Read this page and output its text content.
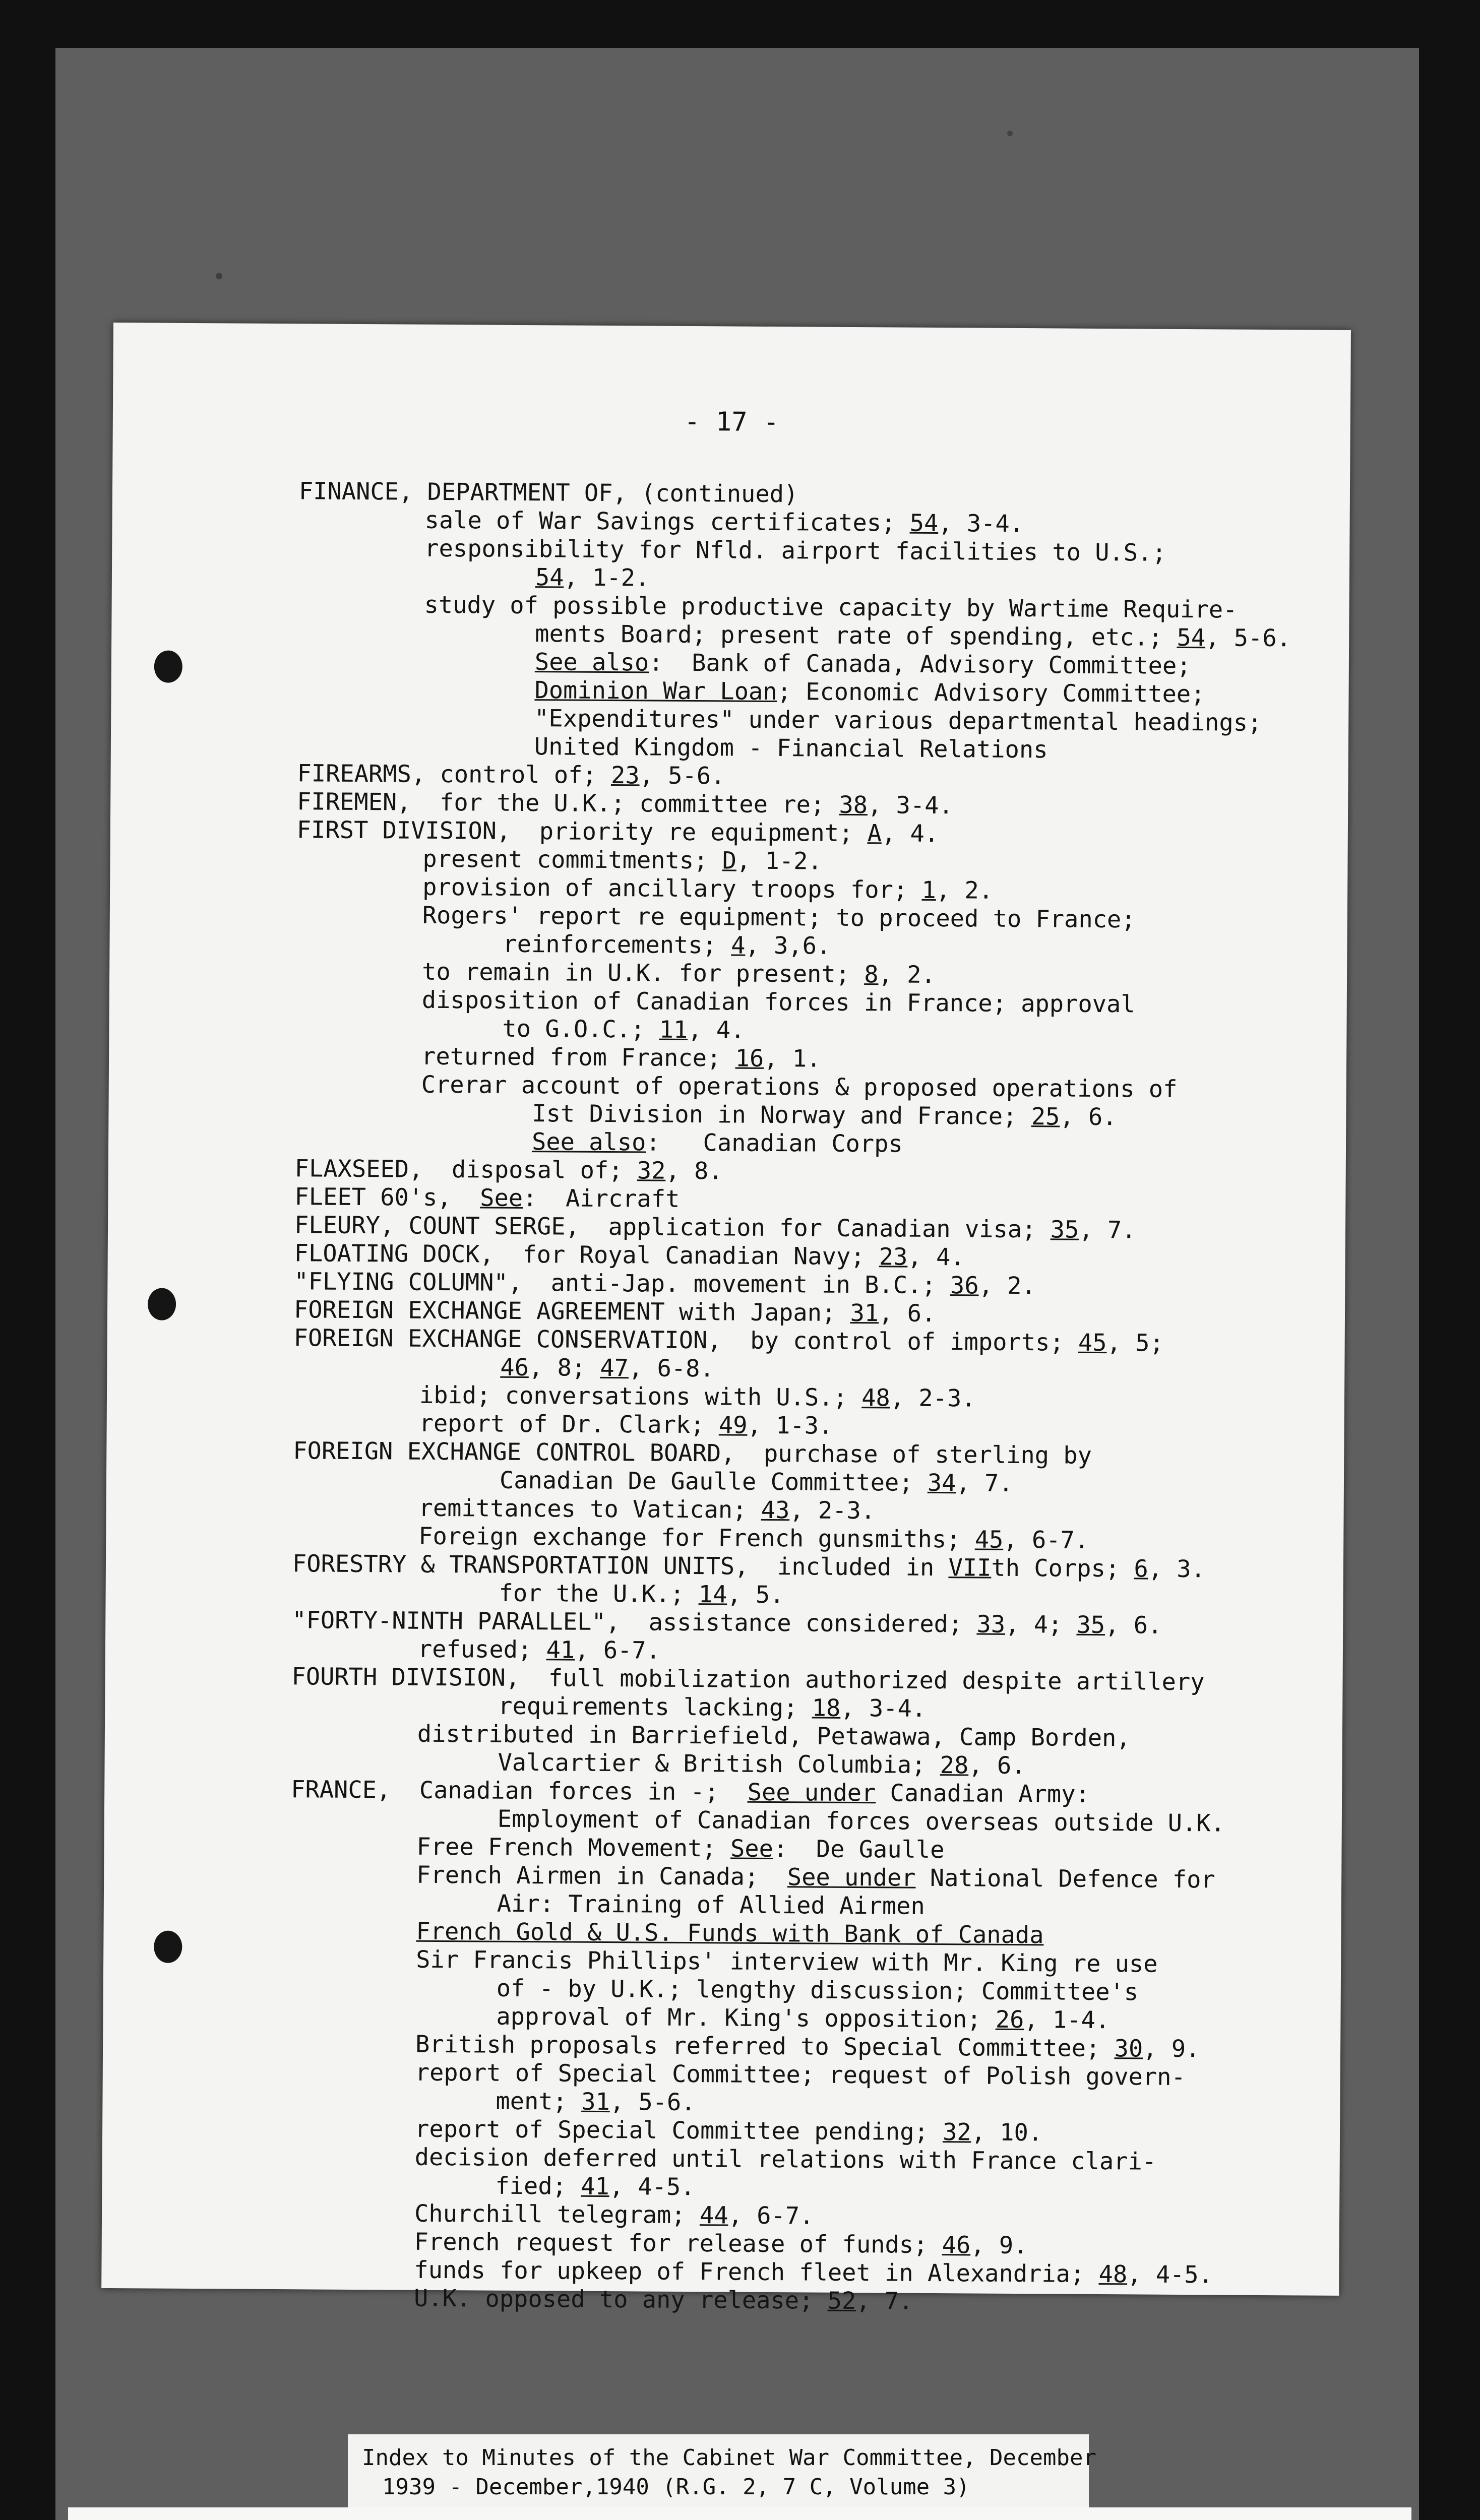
- 17 -
FINANCE, DEPARTMENT OF, (continued)
sale of War Savings certificates; 54, 3-4.
responsibility for Nfld. airport facilities to U.S.;
54, 1-2.
study of possible productive capacity by Wartime Require-
ments Board; present rate of spending, etc.; 54, 5-6.
See also:  Bank of Canada, Advisory Committee;
Dominion War Loan; Economic Advisory Committee;
"Expenditures" under various departmental headings;
United Kingdom - Financial Relations
FIREARMS, control of; 23, 5-6.
FIREMEN,  for the U.K.; committee re; 38, 3-4.
FIRST DIVISION,  priority re equipment; A, 4.
present commitments; D, 1-2.
provision of ancillary troops for; 1, 2.
Rogers' report re equipment; to proceed to France;
reinforcements; 4, 3,6.
to remain in U.K. for present; 8, 2.
disposition of Canadian forces in France; approval
to G.O.C.; 11, 4.
returned from France; 16, 1.
Crerar account of operations & proposed operations of
Ist Division in Norway and France; 25, 6.
See also:   Canadian Corps
FLAXSEED,  disposal of; 32, 8.
FLEET 60's,  See:  Aircraft
FLEURY, COUNT SERGE,  application for Canadian visa; 35, 7.
FLOATING DOCK,  for Royal Canadian Navy; 23, 4.
"FLYING COLUMN",  anti-Jap. movement in B.C.; 36, 2.
FOREIGN EXCHANGE AGREEMENT with Japan; 31, 6.
FOREIGN EXCHANGE CONSERVATION,  by control of imports; 45, 5;
46, 8; 47, 6-8.
ibid; conversations with U.S.; 48, 2-3.
report of Dr. Clark; 49, 1-3.
FOREIGN EXCHANGE CONTROL BOARD,  purchase of sterling by
Canadian De Gaulle Committee; 34, 7.
remittances to Vatican; 43, 2-3.
Foreign exchange for French gunsmiths; 45, 6-7.
FORESTRY & TRANSPORTATION UNITS,  included in VIIth Corps; 6, 3.
for the U.K.; 14, 5.
"FORTY-NINTH PARALLEL",  assistance considered; 33, 4; 35, 6.
refused; 41, 6-7.
FOURTH DIVISION,  full mobilization authorized despite artillery
requirements lacking; 18, 3-4.
distributed in Barriefield, Petawawa, Camp Borden,
Valcartier & British Columbia; 28, 6.
FRANCE,  Canadian forces in -;  See under Canadian Army:
Employment of Canadian forces overseas outside U.K.
Free French Movement; See:  De Gaulle
French Airmen in Canada;  See under National Defence for
Air: Training of Allied Airmen
French Gold & U.S. Funds with Bank of Canada
Sir Francis Phillips' interview with Mr. King re use
of - by U.K.; lengthy discussion; Committee's
approval of Mr. King's opposition; 26, 1-4.
British proposals referred to Special Committee; 30, 9.
report of Special Committee; request of Polish govern-
ment; 31, 5-6.
report of Special Committee pending; 32, 10.
decision deferred until relations with France clari-
fied; 41, 4-5.
Churchill telegram; 44, 6-7.
French request for release of funds; 46, 9.
funds for upkeep of French fleet in Alexandria; 48, 4-5.
U.K. opposed to any release; 52, 7.
Index to Minutes of the Cabinet War Committee, December
1939 - December,1940 (R.G. 2, 7 C, Volume 3)
